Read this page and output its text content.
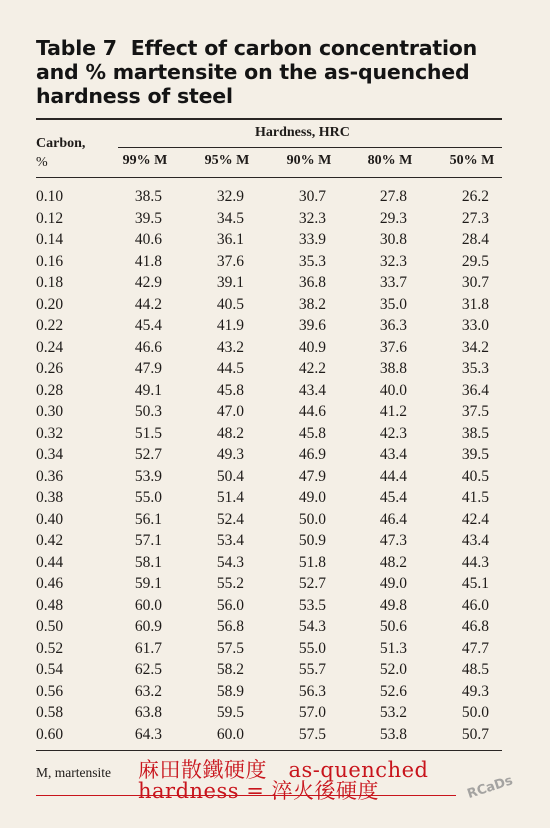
Table 7 Effect of carbon concentration and % martensite on the as-quenched hardness of steel
Carbon,
%
Hardness, HRC
99% M	95% M	90% M	80% M	50% M
0.10	38.5	32.9	30.7	27.8	26.2
0.12	39.5	34.5	32.3	29.3	27.3
0.14	40.6	36.1	33.9	30.8	28.4
0.16	41.8	37.6	35.3	32.3	29.5
0.18	42.9	39.1	36.8	33.7	30.7
0.20	44.2	40.5	38.2	35.0	31.8
0.22	45.4	41.9	39.6	36.3	33.0
0.24	46.6	43.2	40.9	37.6	34.2
0.26	47.9	44.5	42.2	38.8	35.3
0.28	49.1	45.8	43.4	40.0	36.4
0.30	50.3	47.0	44.6	41.2	37.5
0.32	51.5	48.2	45.8	42.3	38.5
0.34	52.7	49.3	46.9	43.4	39.5
0.36	53.9	50.4	47.9	44.4	40.5
0.38	55.0	51.4	49.0	45.4	41.5
0.40	56.1	52.4	50.0	46.4	42.4
0.42	57.1	53.4	50.9	47.3	43.4
0.44	58.1	54.3	51.8	48.2	44.3
0.46	59.1	55.2	52.7	49.0	45.1
0.48	60.0	56.0	53.5	49.8	46.0
0.50	60.9	56.8	54.3	50.6	46.8
0.52	61.7	57.5	55.0	51.3	47.7
0.54	62.5	58.2	55.7	52.0	48.5
0.56	63.2	58.9	56.3	52.6	49.3
0.58	63.8	59.5	57.0	53.2	50.0
0.60	64.3	60.0	57.5	53.8	50.7
M, martensite 麻田散鐵硬度　as-quenched hardness = 淬火後硬度	RCaDs
